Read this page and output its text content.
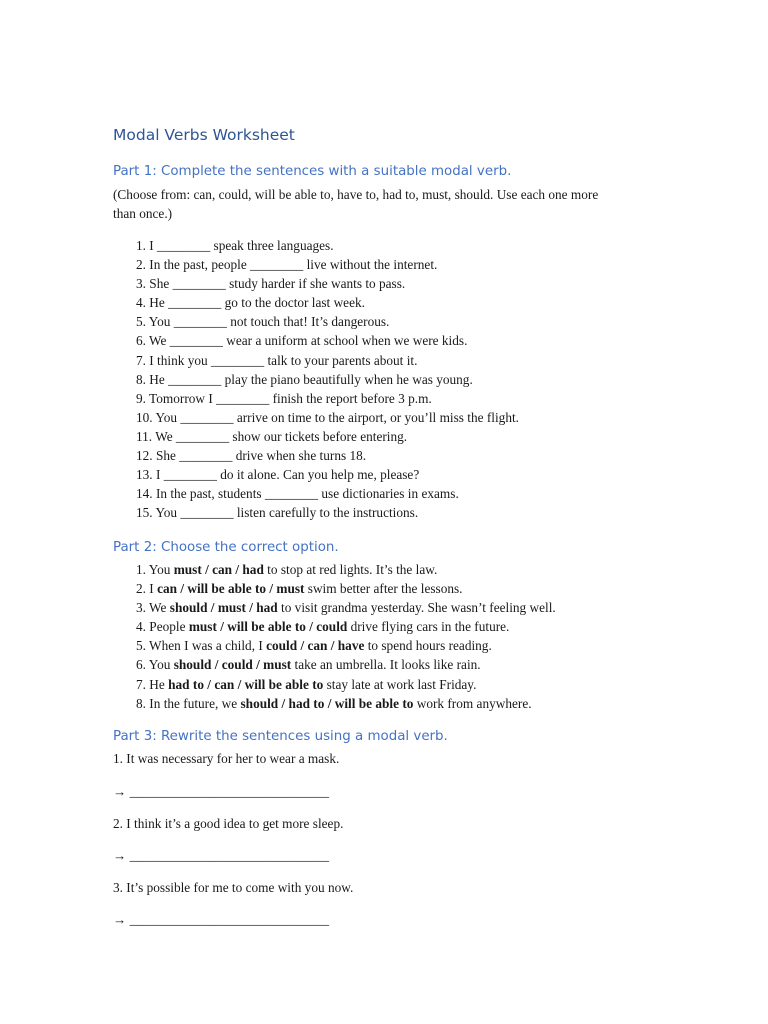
Modal Verbs Worksheet
Part 1: Complete the sentences with a suitable modal verb.
(Choose from: can, could, will be able to, have to, had to, must, should. Use each one more
than once.)
1. I ________ speak three languages.
2. In the past, people ________ live without the internet.
3. She ________ study harder if she wants to pass.
4. He ________ go to the doctor last week.
5. You ________ not touch that! It’s dangerous.
6. We ________ wear a uniform at school when we were kids.
7. I think you ________ talk to your parents about it.
8. He ________ play the piano beautifully when he was young.
9. Tomorrow I ________ finish the report before 3 p.m.
10. You ________ arrive on time to the airport, or you’ll miss the flight.
11. We ________ show our tickets before entering.
12. She ________ drive when she turns 18.
13. I ________ do it alone. Can you help me, please?
14. In the past, students ________ use dictionaries in exams.
15. You ________ listen carefully to the instructions.
Part 2: Choose the correct option.
1. You must / can / had to stop at red lights. It’s the law.
2. I can / will be able to / must swim better after the lessons.
3. We should / must / had to visit grandma yesterday. She wasn’t feeling well.
4. People must / will be able to / could drive flying cars in the future.
5. When I was a child, I could / can / have to spend hours reading.
6. You should / could / must take an umbrella. It looks like rain.
7. He had to / can / will be able to stay late at work last Friday.
8. In the future, we should / had to / will be able to work from anywhere.
Part 3: Rewrite the sentences using a modal verb.
1. It was necessary for her to wear a mask.
→ ______________________________
2. I think it’s a good idea to get more sleep.
→ ______________________________
3. It’s possible for me to come with you now.
→ ______________________________
